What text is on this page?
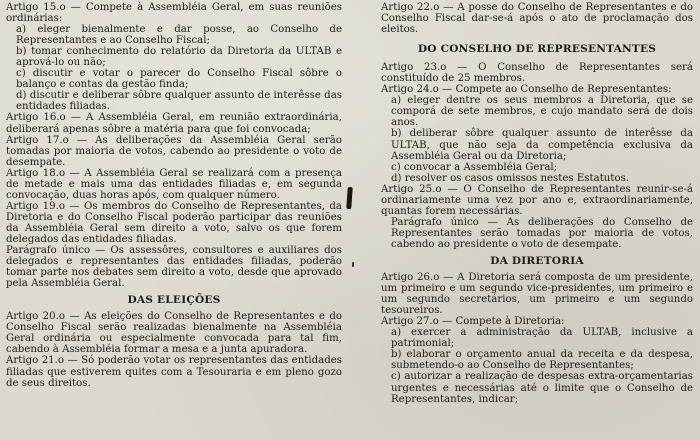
Artigo 15.o — Compete à Assembléia Geral, em suas reuniões ordinárias:
a) eleger bienalmente e dar posse, ao Conselho de Representantes e ao Conselho Fiscal;
b) tomar conhecimento do relatório da Diretoria da ULTAB e aprová-lo ou não;
c) discutir e votar o parecer do Conselho Fiscal sôbre o balanço e contas da gestão finda;
d) discutir e deliberar sôbre qualquer assunto de interêsse das entidades filiadas.
Artigo 16.o — A Assembléia Geral, em reunião extraordinária, deliberará apenas sôbre a matéria para que foi convocada;
Artigo 17.o — As deliberações da Assembléia Geral serão tomadas por maioria de votos, cabendo ao presidente o voto de desempate.
Artigo 18.o — A Assembléia Geral se realizará com a presença de metade e mais uma das entidades filiadas e, em segunda convocação, duas horas após, com qualquer número.
Artigo 19.o — Os membros do Conselho de Representantes, da Diretoria e do Conselho Fiscal poderão participar das reuniões da Assembléia Geral sem direito a voto, salvo os que forem delegados das entidades filiadas.
Parágrafo único — Os assessôres, consultores e auxiliares dos delegados e representantes das entidades filiadas, poderão tomar parte nos debates sem direito a voto, desde que aprovado pela Assembléia Geral.
DAS ELEIÇÕES
Artigo 20.o — As eleições do Conselho de Representantes e do Conselho Fiscal serão realizadas bienalmente na Assembléia Geral ordinária ou especialmente convocada para tal fim, cabendo à Assembléia formar a mesa e a junta apuradora.
Artigo 21.o — Só poderão votar os representantes das entidades filiadas que estiverem quites com a Tesouraria e em pleno gozo de seus direitos.
Artigo 22.o — A posse do Conselho de Representantes e do Conselho Fiscal dar-se-á após o ato de proclamação dos eleitos.
DO CONSELHO DE REPRESENTANTES
Artigo 23.o — O Conselho de Representantes será constituído de 25 membros.
Artigo 24.o — Compete ao Conselho de Representantes:
a) eleger dentre os seus membros a Diretoria, que se comporá de sete membros, e cujo mandato será de dois anos.
b) deliberar sôbre qualquer assunto de interêsse da ULTAB, que não seja da competência exclusiva da Assembléia Geral ou da Diretoria;
c) convocar a Assembléia Geral;
d) resolver os casos omissos nestes Estatutos.
Artigo 25.o — O Conselho de Representantes reunir-se-á ordinariamente uma vez por ano e, extraordinariamente, quantas forem necessárias.
Parágrafo único — As deliberações do Conselho de Representantes serão tomadas por maioria de votos, cabendo ao presidente o voto de desempate.
DA DIRETORIA
Artigo 26.o — A Diretoria será composta de um presidente, um primeiro e um segundo vice-presidentes, um primeiro e um segundo secretários, um primeiro e um segundo tesoureiros.
Artigo 27.o — Compete à Diretoria:
a) exercer a administração da ULTAB, inclusive a patrimonial;
b) elaborar o orçamento anual da receita e da despesa, submetendo-o ao Conselho de Representantes;
c) autorizar a realização de despesas extra-orçamentarias urgentes e necessárias até o limite que o Conselho de Representantes, indicar;
